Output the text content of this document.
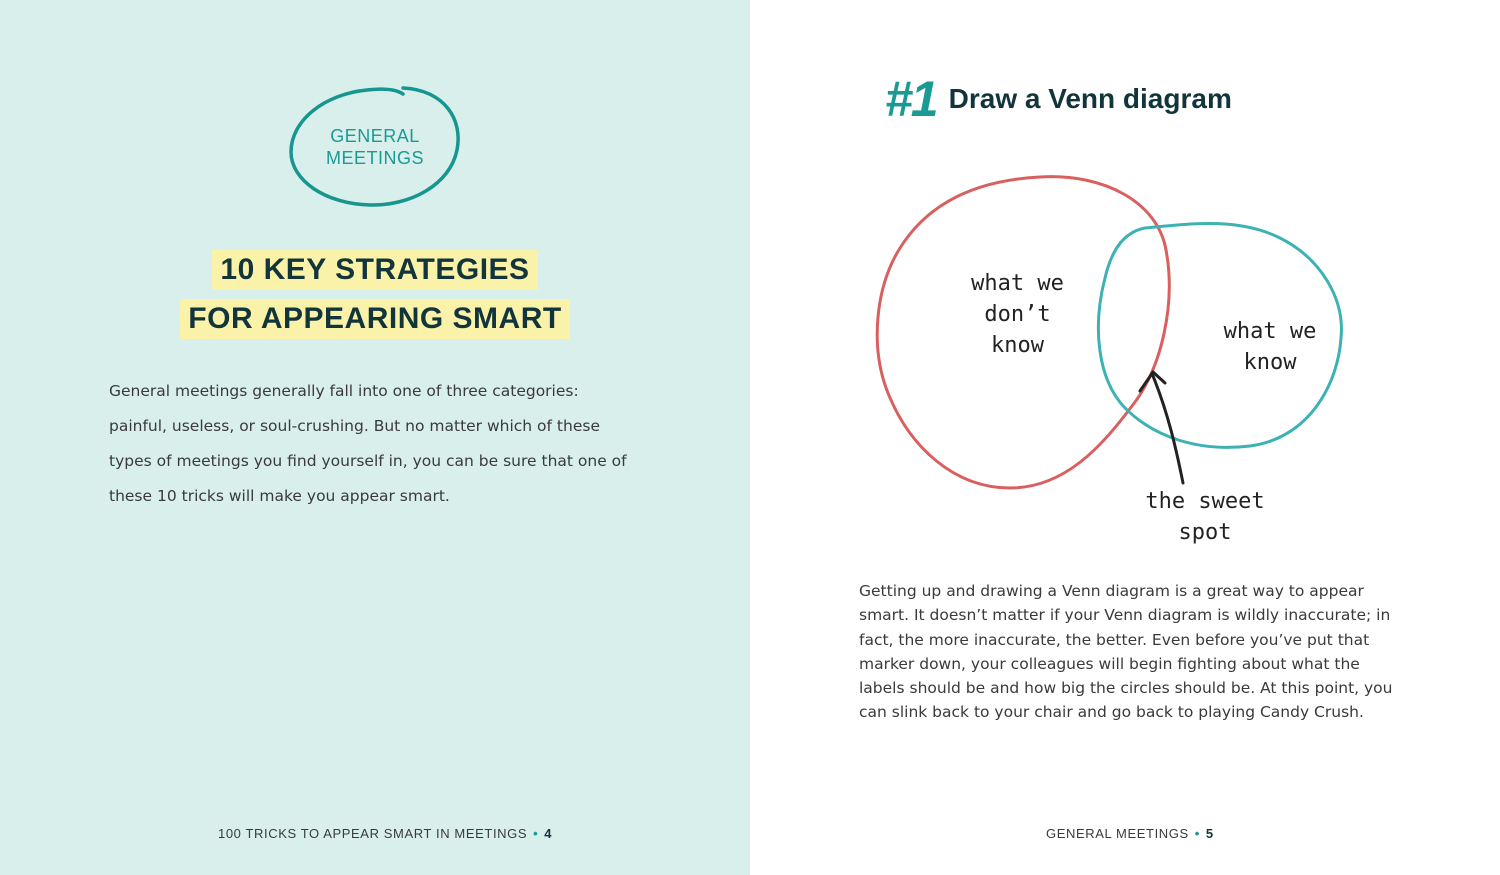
GENERAL
MEETINGS

10 KEY STRATEGIES
FOR APPEARING SMART

General meetings generally fall into one of three categories: painful, useless, or soul-crushing. But no matter which of these types of meetings you find yourself in, you can be sure that one of these 10 tricks will make you appear smart.

100 TRICKS TO APPEAR SMART IN MEETINGS • 4

#1 Draw a Venn diagram

what we
don’t
know

what we
know

the sweet
spot

Getting up and drawing a Venn diagram is a great way to appear smart. It doesn’t matter if your Venn diagram is wildly inaccurate; in fact, the more inaccurate, the better. Even before you’ve put that marker down, your colleagues will begin fighting about what the labels should be and how big the circles should be. At this point, you can slink back to your chair and go back to playing Candy Crush.

GENERAL MEETINGS • 5
